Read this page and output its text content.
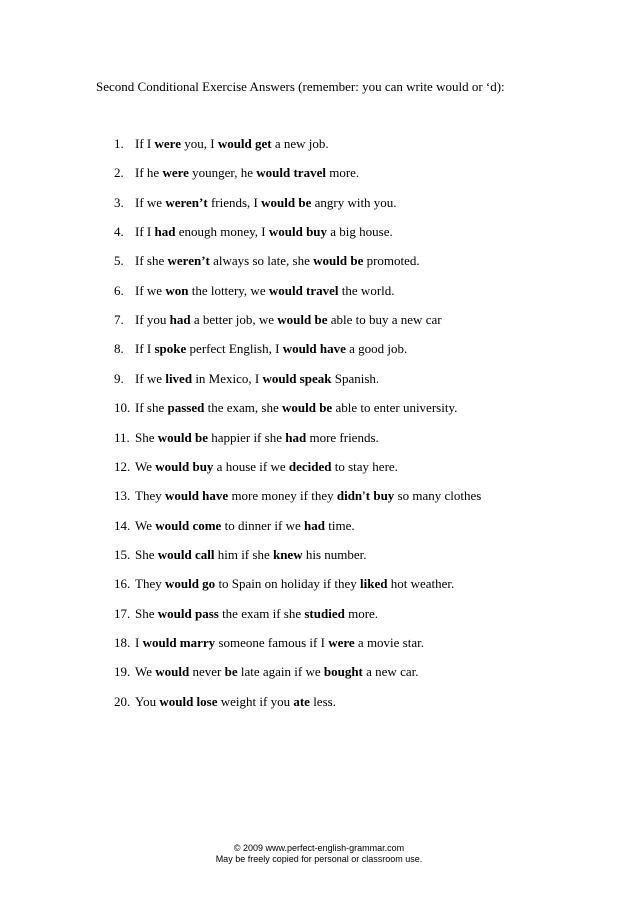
Second Conditional Exercise Answers (remember: you can write would or ‘d):
1. If I were you, I would get a new job.
2. If he were younger, he would travel more.
3. If we weren’t friends, I would be angry with you.
4. If I had enough money, I would buy a big house.
5. If she weren’t always so late, she would be promoted.
6. If we won the lottery, we would travel the world.
7. If you had a better job, we would be able to buy a new car
8. If I spoke perfect English, I would have a good job.
9. If we lived in Mexico, I would speak Spanish.
10. If she passed the exam, she would be able to enter university.
11. She would be happier if she had more friends.
12. We would buy a house if we decided to stay here.
13. They would have more money if they didn't buy so many clothes
14. We would come to dinner if we had time.
15. She would call him if she knew his number.
16. They would go to Spain on holiday if they liked hot weather.
17. She would pass the exam if she studied more.
18. I would marry someone famous if I were a movie star.
19. We would never be late again if we bought a new car.
20. You would lose weight if you ate less.
© 2009 www.perfect-english-grammar.com
May be freely copied for personal or classroom use.
